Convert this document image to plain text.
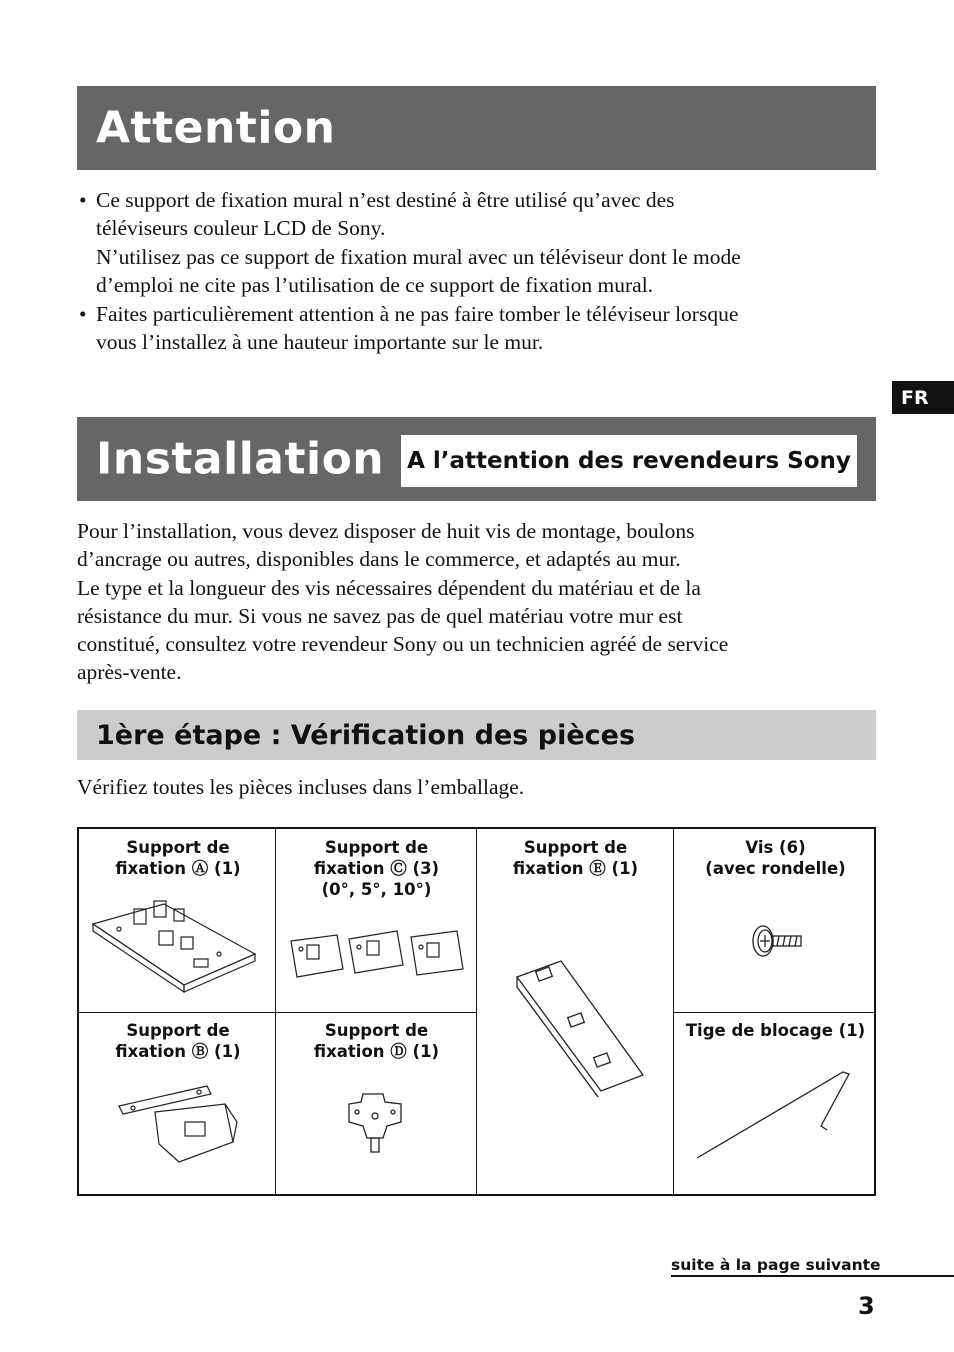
Attention
• Ce support de fixation mural n’est destiné à être utilisé qu’avec des
téléviseurs couleur LCD de Sony.
N’utilisez pas ce support de fixation mural avec un téléviseur dont le mode
d’emploi ne cite pas l’utilisation de ce support de fixation mural.
• Faites particulièrement attention à ne pas faire tomber le téléviseur lorsque
vous l’installez à une hauteur importante sur le mur.
FR
Installation A l’attention des revendeurs Sony
Pour l’installation, vous devez disposer de huit vis de montage, boulons
d’ancrage ou autres, disponibles dans le commerce, et adaptés au mur.
Le type et la longueur des vis nécessaires dépendent du matériau et de la
résistance du mur. Si vous ne savez pas de quel matériau votre mur est
constitué, consultez votre revendeur Sony ou un technicien agréé de service
après-vente.
1ère étape : Vérification des pièces
Vérifiez toutes les pièces incluses dans l’emballage.
Support de
fixation Ⓐ (1)
Support de
fixation Ⓒ (3)
(0°, 5°, 10°)
Support de
fixation Ⓔ (1)
Vis (6)
(avec rondelle)
Support de
fixation Ⓑ (1)
Support de
fixation Ⓓ (1)
Tige de blocage (1)
suite à la page suivante
3
